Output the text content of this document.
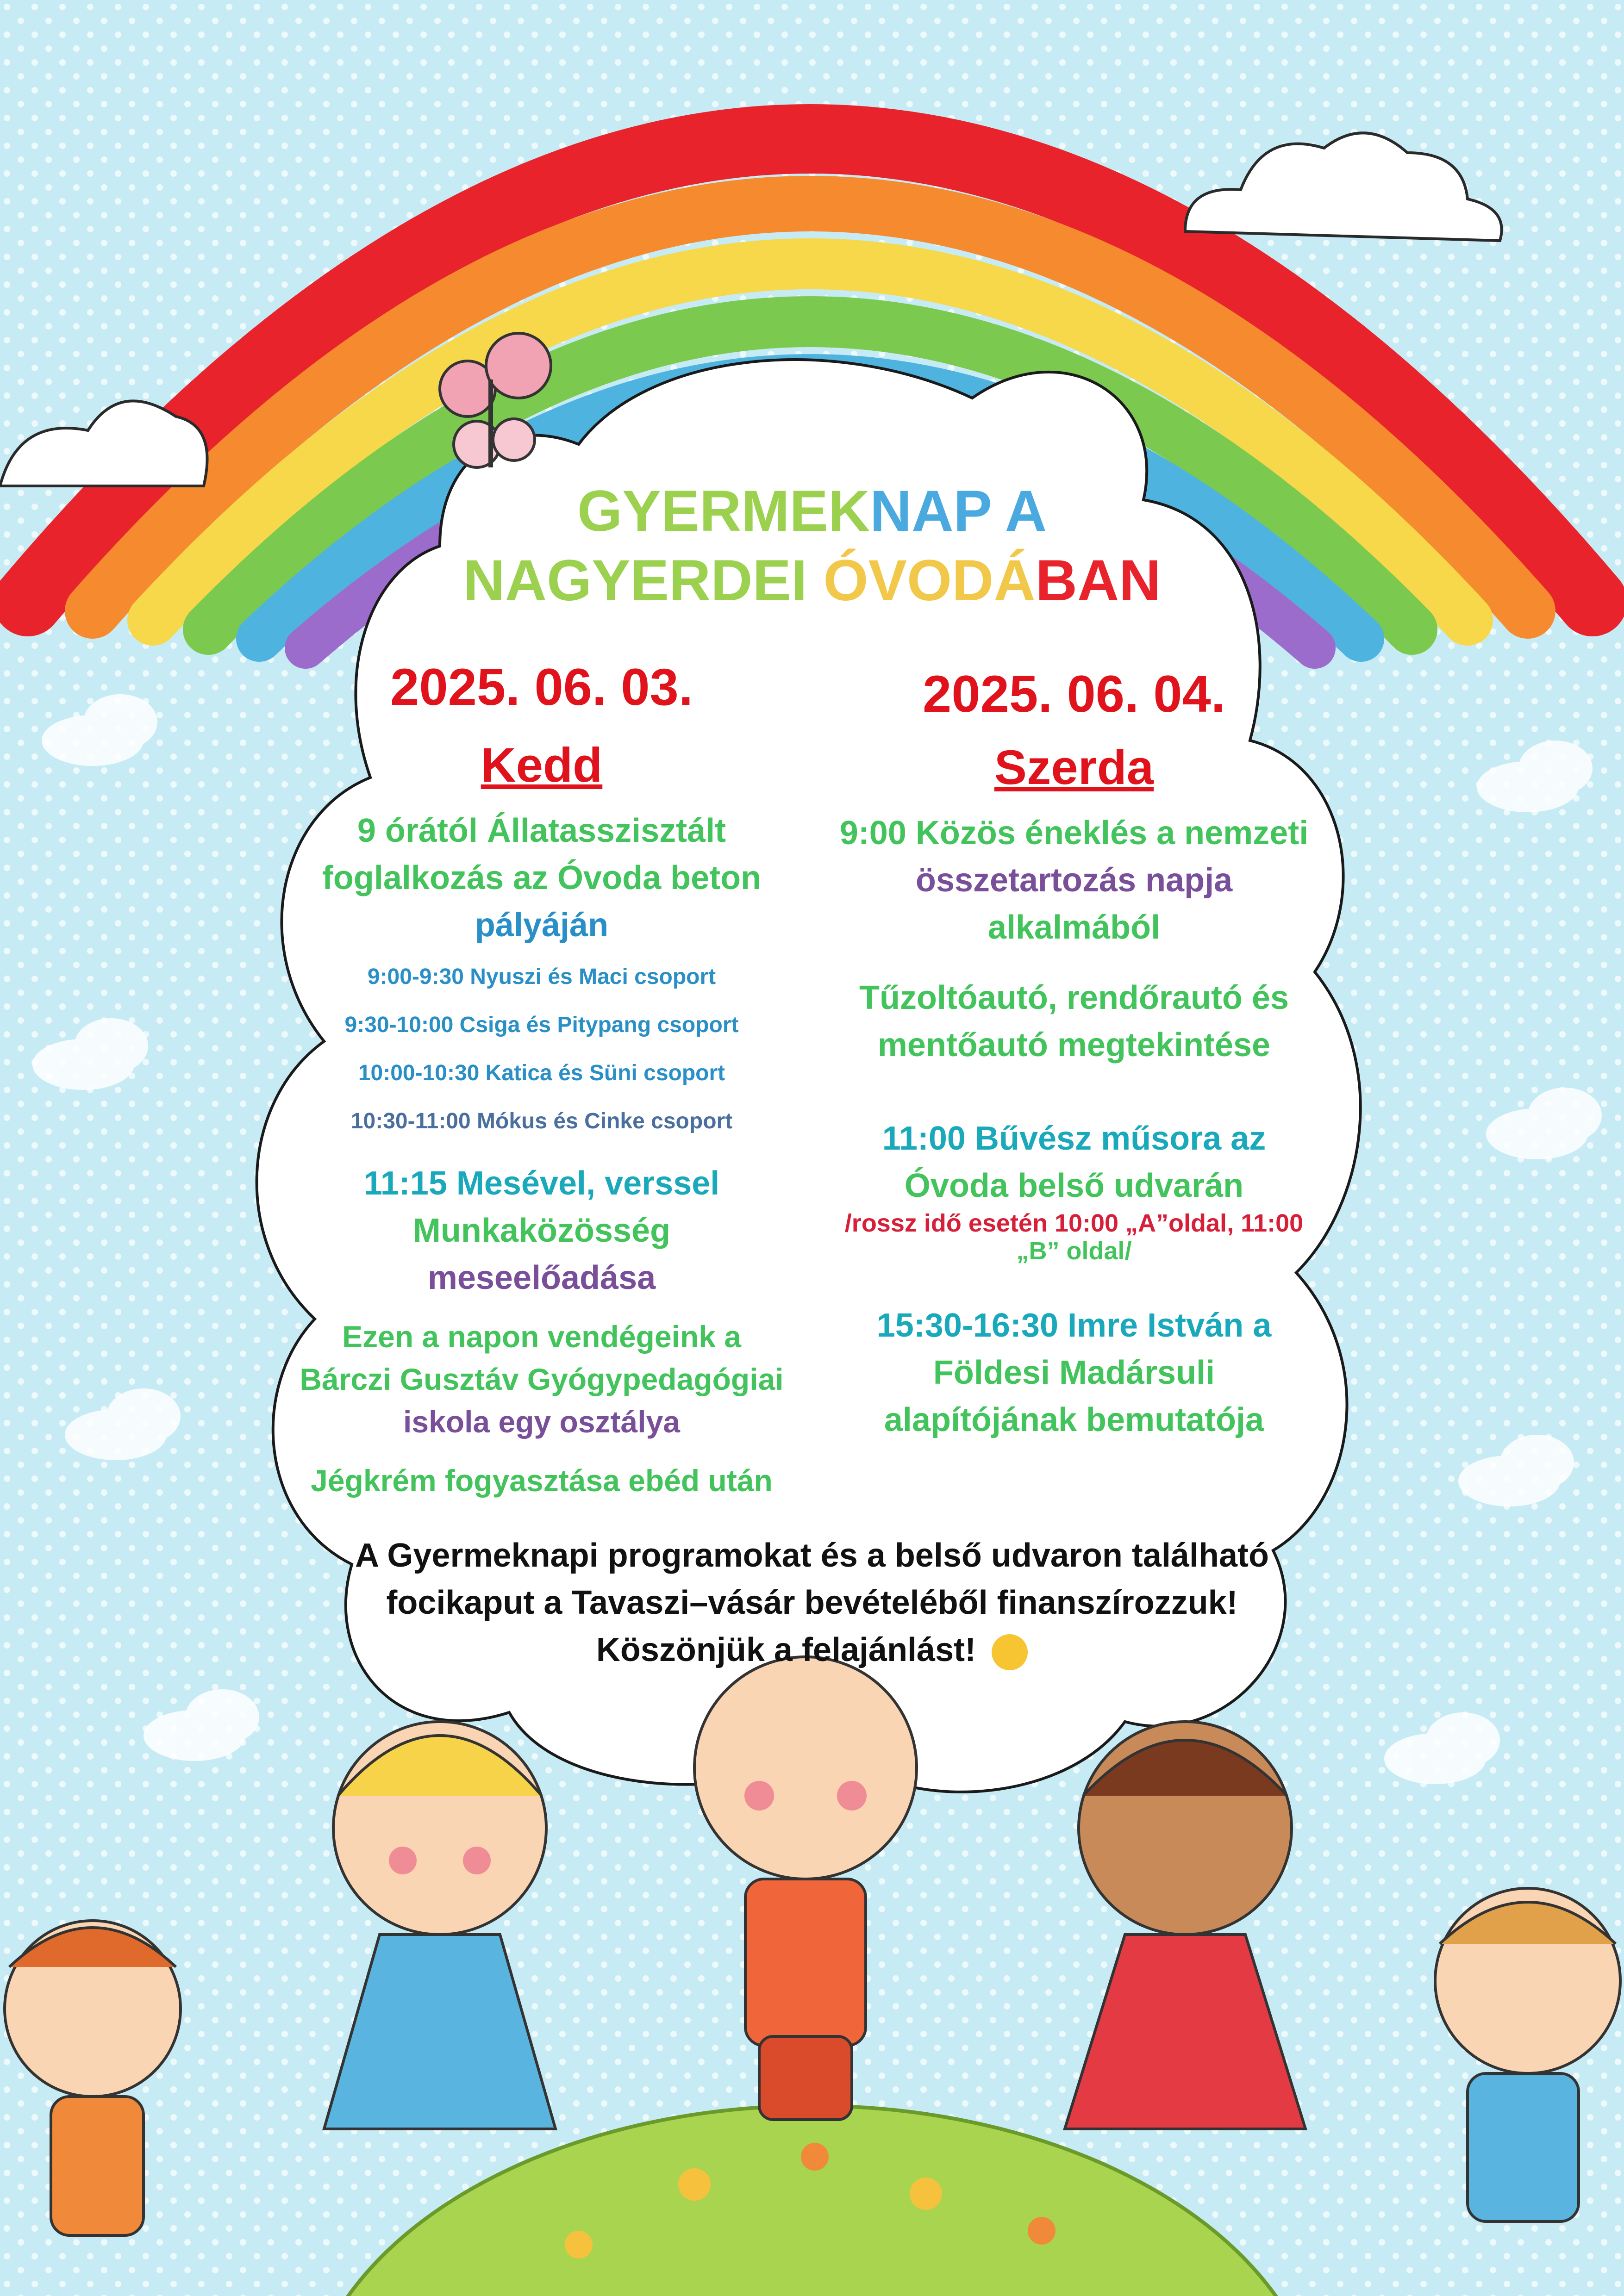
GYERMEKNAP A
NAGYERDEI ÓVODÁBAN
2025. 06. 03.
Kedd
9 órától Állatasszisztált
foglalkozás az Óvoda beton
pályáján
9:00-9:30 Nyuszi és Maci csoport
9:30-10:00 Csiga és Pitypang csoport
10:00-10:30 Katica és Süni csoport
10:30-11:00 Mókus és Cinke csoport
11:15 Mesével, verssel
Munkaközösség
meseelőadása
Ezen a napon vendégeink a
Bárczi Gusztáv Gyógypedagógiai
iskola egy osztálya
Jégkrém fogyasztása ebéd után
2025. 06. 04.
Szerda
9:00 Közös éneklés a nemzeti
összetartozás napja
alkalmából
Tűzoltóautó, rendőrautó és
mentőautó megtekintése
11:00 Bűvész műsora az
Óvoda belső udvarán
/rossz idő esetén 10:00 „A”oldal, 11:00
„B” oldal/
15:30-16:30 Imre István a
Földesi Madársuli
alapítójának bemutatója
A Gyermeknapi programokat és a belső udvaron található
focikaput a Tavaszi–vásár bevételéből finanszírozzuk!
Köszönjük a felajánlást!
